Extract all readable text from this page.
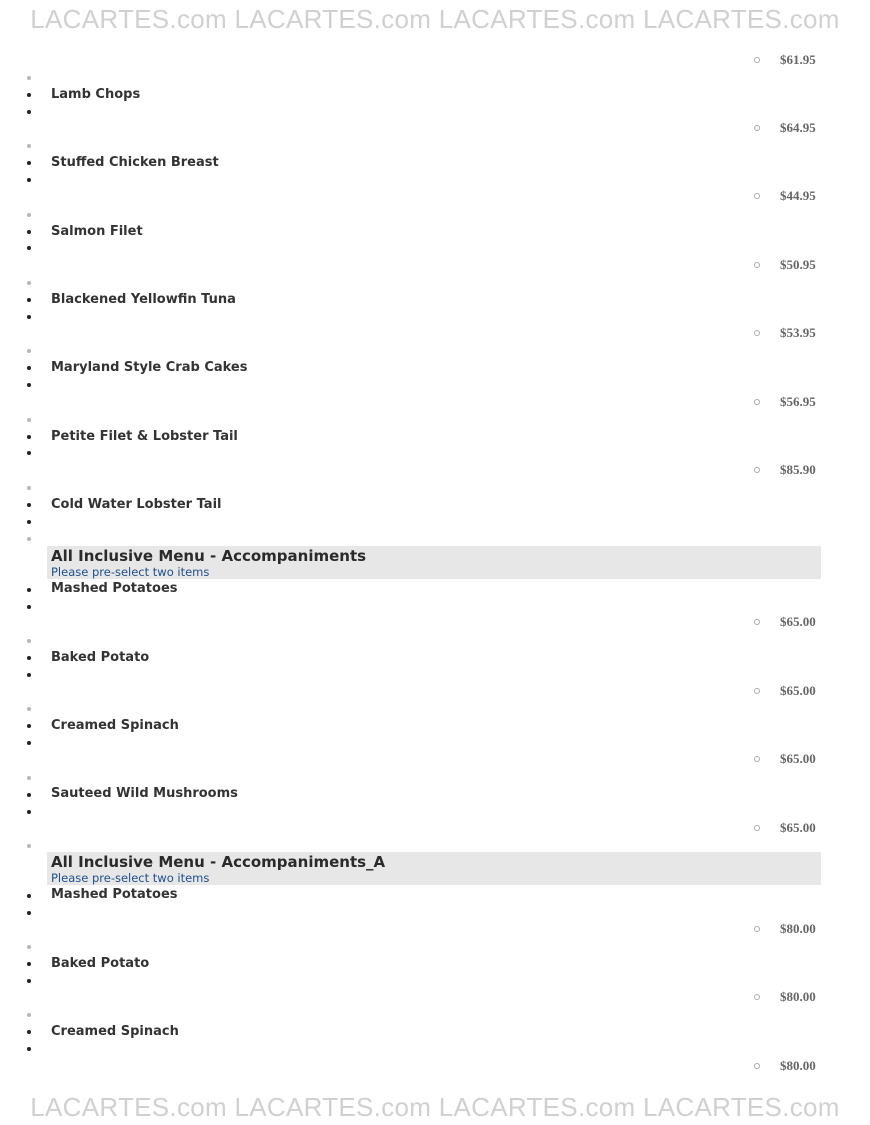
LACARTES.com LACARTES.com LACARTES.com LACARTES.com
$61.95
Lamb Chops
$64.95
Stuffed Chicken Breast
$44.95
Salmon Filet
$50.95
Blackened Yellowfin Tuna
$53.95
Maryland Style Crab Cakes
$56.95
Petite Filet & Lobster Tail
$85.90
Cold Water Lobster Tail
All Inclusive Menu - Accompaniments
Please pre-select two items
Mashed Potatoes
$65.00
Baked Potato
$65.00
Creamed Spinach
$65.00
Sauteed Wild Mushrooms
$65.00
All Inclusive Menu - Accompaniments_A
Please pre-select two items
Mashed Potatoes
$80.00
Baked Potato
$80.00
Creamed Spinach
$80.00
LACARTES.com LACARTES.com LACARTES.com LACARTES.com
